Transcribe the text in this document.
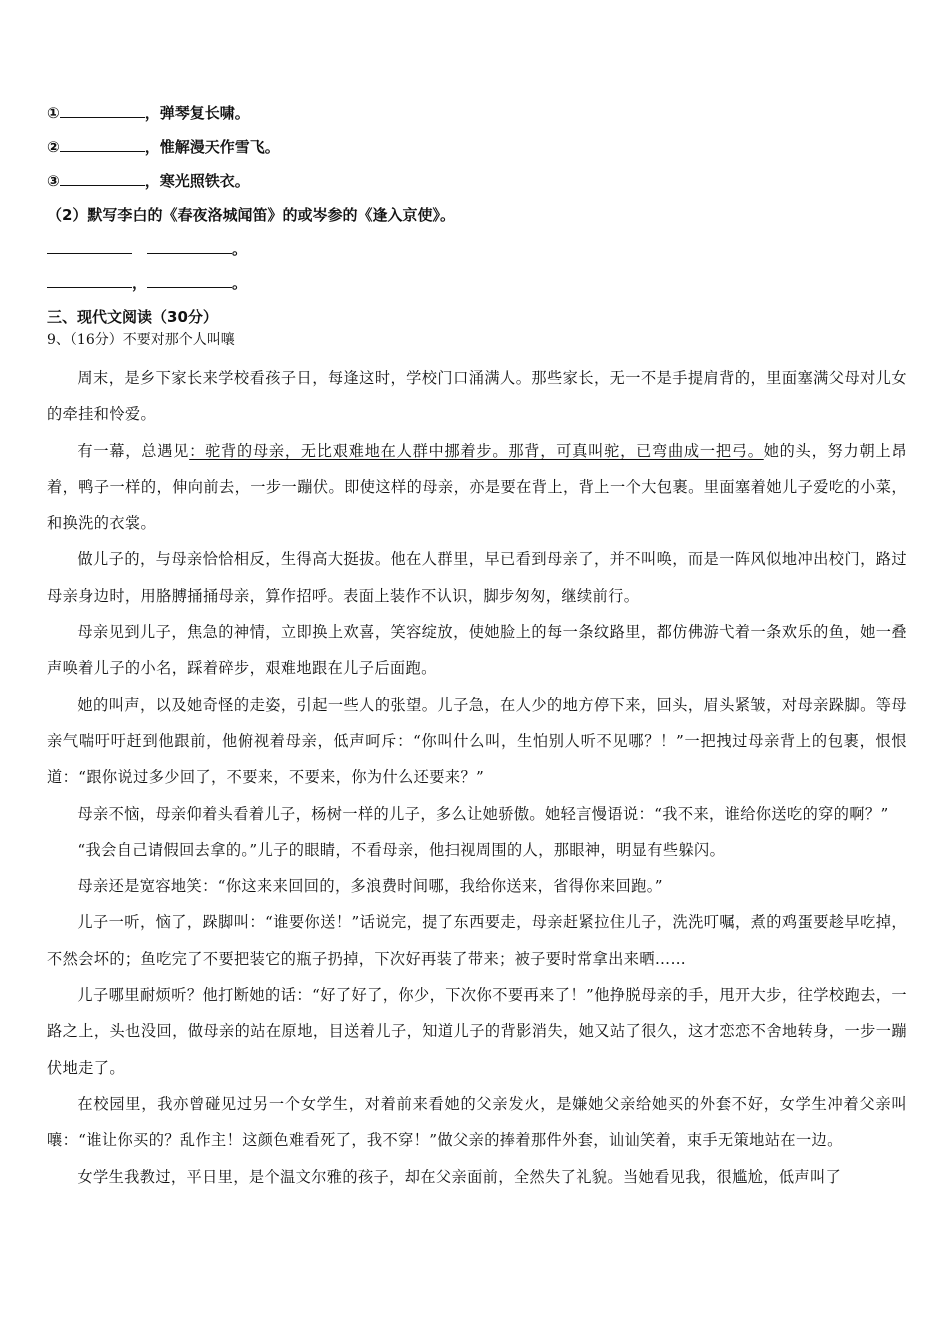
①	，弹琴复长啸。
②	，惟解漫天作雪飞。
③	，寒光照铁衣。
（2）默写李白的《春夜洛城闻笛》的或岑参的《逢入京使》。
。
，	。
三、现代文阅读（30分）
9、（16分）不要对那个人叫嚷

周末，是乡下家长来学校看孩子日，每逢这时，学校门口涌满人。那些家长，无一不是手提肩背的，里面塞满父母对儿女的牵挂和怜爱。

有一幕，总遇见：驼背的母亲，无比艰难地在人群中挪着步。那背，可真叫驼，已弯曲成一把弓。她的头，努力朝上昂着，鸭子一样的，伸向前去，一步一蹦伏。即使这样的母亲，亦是要在背上，背上一个大包裹。里面塞着她儿子爱吃的小菜，和换洗的衣裳。

做儿子的，与母亲恰恰相反，生得高大挺拔。他在人群里，早已看到母亲了，并不叫唤，而是一阵风似地冲出校门，路过母亲身边时，用胳膊捅捅母亲，算作招呼。表面上装作不认识，脚步匆匆，继续前行。

母亲见到儿子，焦急的神情，立即换上欢喜，笑容绽放，使她脸上的每一条纹路里，都仿佛游弋着一条欢乐的鱼，她一叠声唤着儿子的小名，踩着碎步，艰难地跟在儿子后面跑。

她的叫声，以及她奇怪的走姿，引起一些人的张望。儿子急，在人少的地方停下来，回头，眉头紧皱，对母亲跺脚。等母亲气喘吁吁赶到他跟前，他俯视着母亲，低声呵斥：“你叫什么叫，生怕别人听不见哪？！”一把拽过母亲背上的包裹，恨恨道：“跟你说过多少回了，不要来，不要来，你为什么还要来？”

母亲不恼，母亲仰着头看着儿子，杨树一样的儿子，多么让她骄傲。她轻言慢语说：“我不来，谁给你送吃的穿的啊？”

“我会自己请假回去拿的。”儿子的眼睛，不看母亲，他扫视周围的人，那眼神，明显有些躲闪。

母亲还是宽容地笑：“你这来来回回的，多浪费时间哪，我给你送来，省得你来回跑。”

儿子一听，恼了，跺脚叫：“谁要你送！”话说完，提了东西要走，母亲赶紧拉住儿子，洗洗叮嘱，煮的鸡蛋要趁早吃掉，不然会坏的；鱼吃完了不要把装它的瓶子扔掉，下次好再装了带来；被子要时常拿出来晒……

儿子哪里耐烦听？他打断她的话：“好了好了，你少，下次你不要再来了！”他挣脱母亲的手，甩开大步，往学校跑去，一路之上，头也没回，做母亲的站在原地，目送着儿子，知道儿子的背影消失，她又站了很久，这才恋恋不舍地转身，一步一蹦伏地走了。

在校园里，我亦曾碰见过另一个女学生，对着前来看她的父亲发火，是嫌她父亲给她买的外套不好，女学生冲着父亲叫嚷：“谁让你买的？乱作主！这颜色难看死了，我不穿！”做父亲的捧着那件外套，讪讪笑着，束手无策地站在一边。

女学生我教过，平日里，是个温文尔雅的孩子，却在父亲面前，全然失了礼貌。当她看见我，很尴尬，低声叫了
